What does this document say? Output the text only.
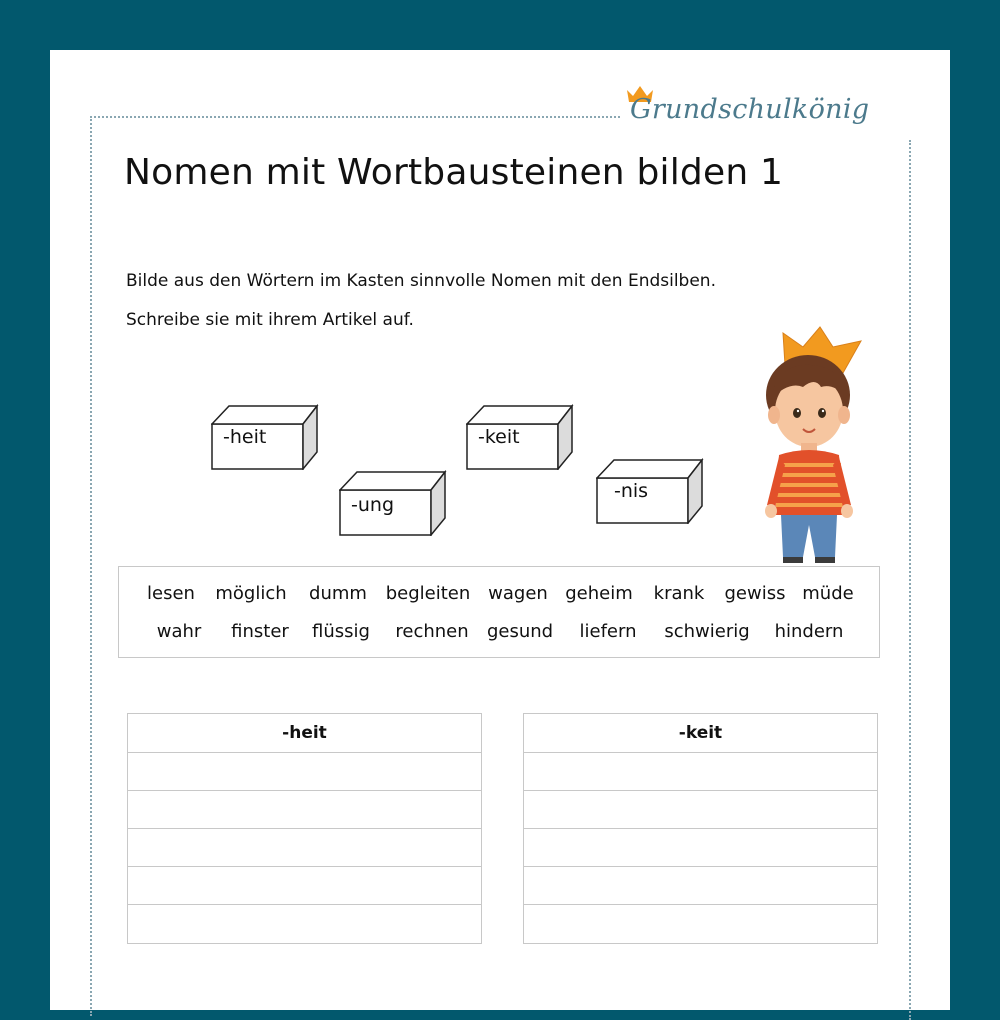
Grundschulkönig
Nomen mit Wortbausteinen bilden 1
Bilde aus den Wörtern im Kasten sinnvolle Nomen mit den Endsilben.
Schreibe sie mit ihrem Artikel auf.
-heit
-ung
-keit
-nis
lesen möglich dumm begleiten wagen geheim krank gewiss müde
wahr finster flüssig rechnen gesund liefern schwierig hindern
-heit	-keit
